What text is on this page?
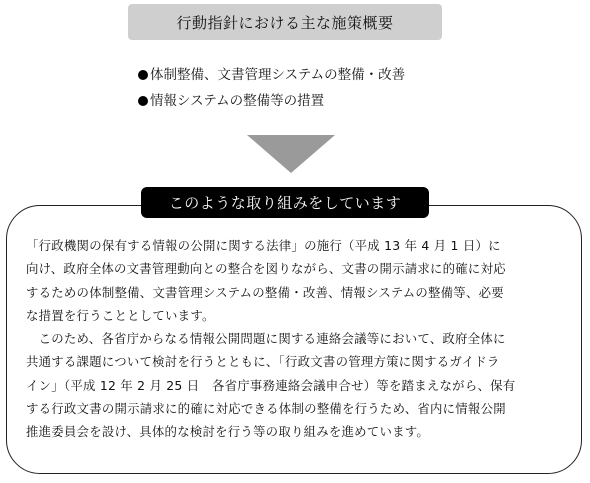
行動指針における主な施策概要
体制整備、文書管理システムの整備・改善
情報システムの整備等の措置
このような取り組みをしています
「行政機関の保有する情報の公開に関する法律」の施行（平成 13 年 4 月 1 日）に
向け、政府全体の文書管理動向との整合を図りながら、文書の開示請求に的確に対応
するための体制整備、文書管理システムの整備・改善、情報システムの整備等、必要
な措置を行うこととしています。
　このため、各省庁からなる情報公開問題に関する連絡会議等において、政府全体に
共通する課題について検討を行うとともに、「行政文書の管理方策に関するガイドラ
イン」（平成 12 年 2 月 25 日　各省庁事務連絡会議申合せ）等を踏まえながら、保有
する行政文書の開示請求に的確に対応できる体制の整備を行うため、省内に情報公開
推進委員会を設け、具体的な検討を行う等の取り組みを進めています。
